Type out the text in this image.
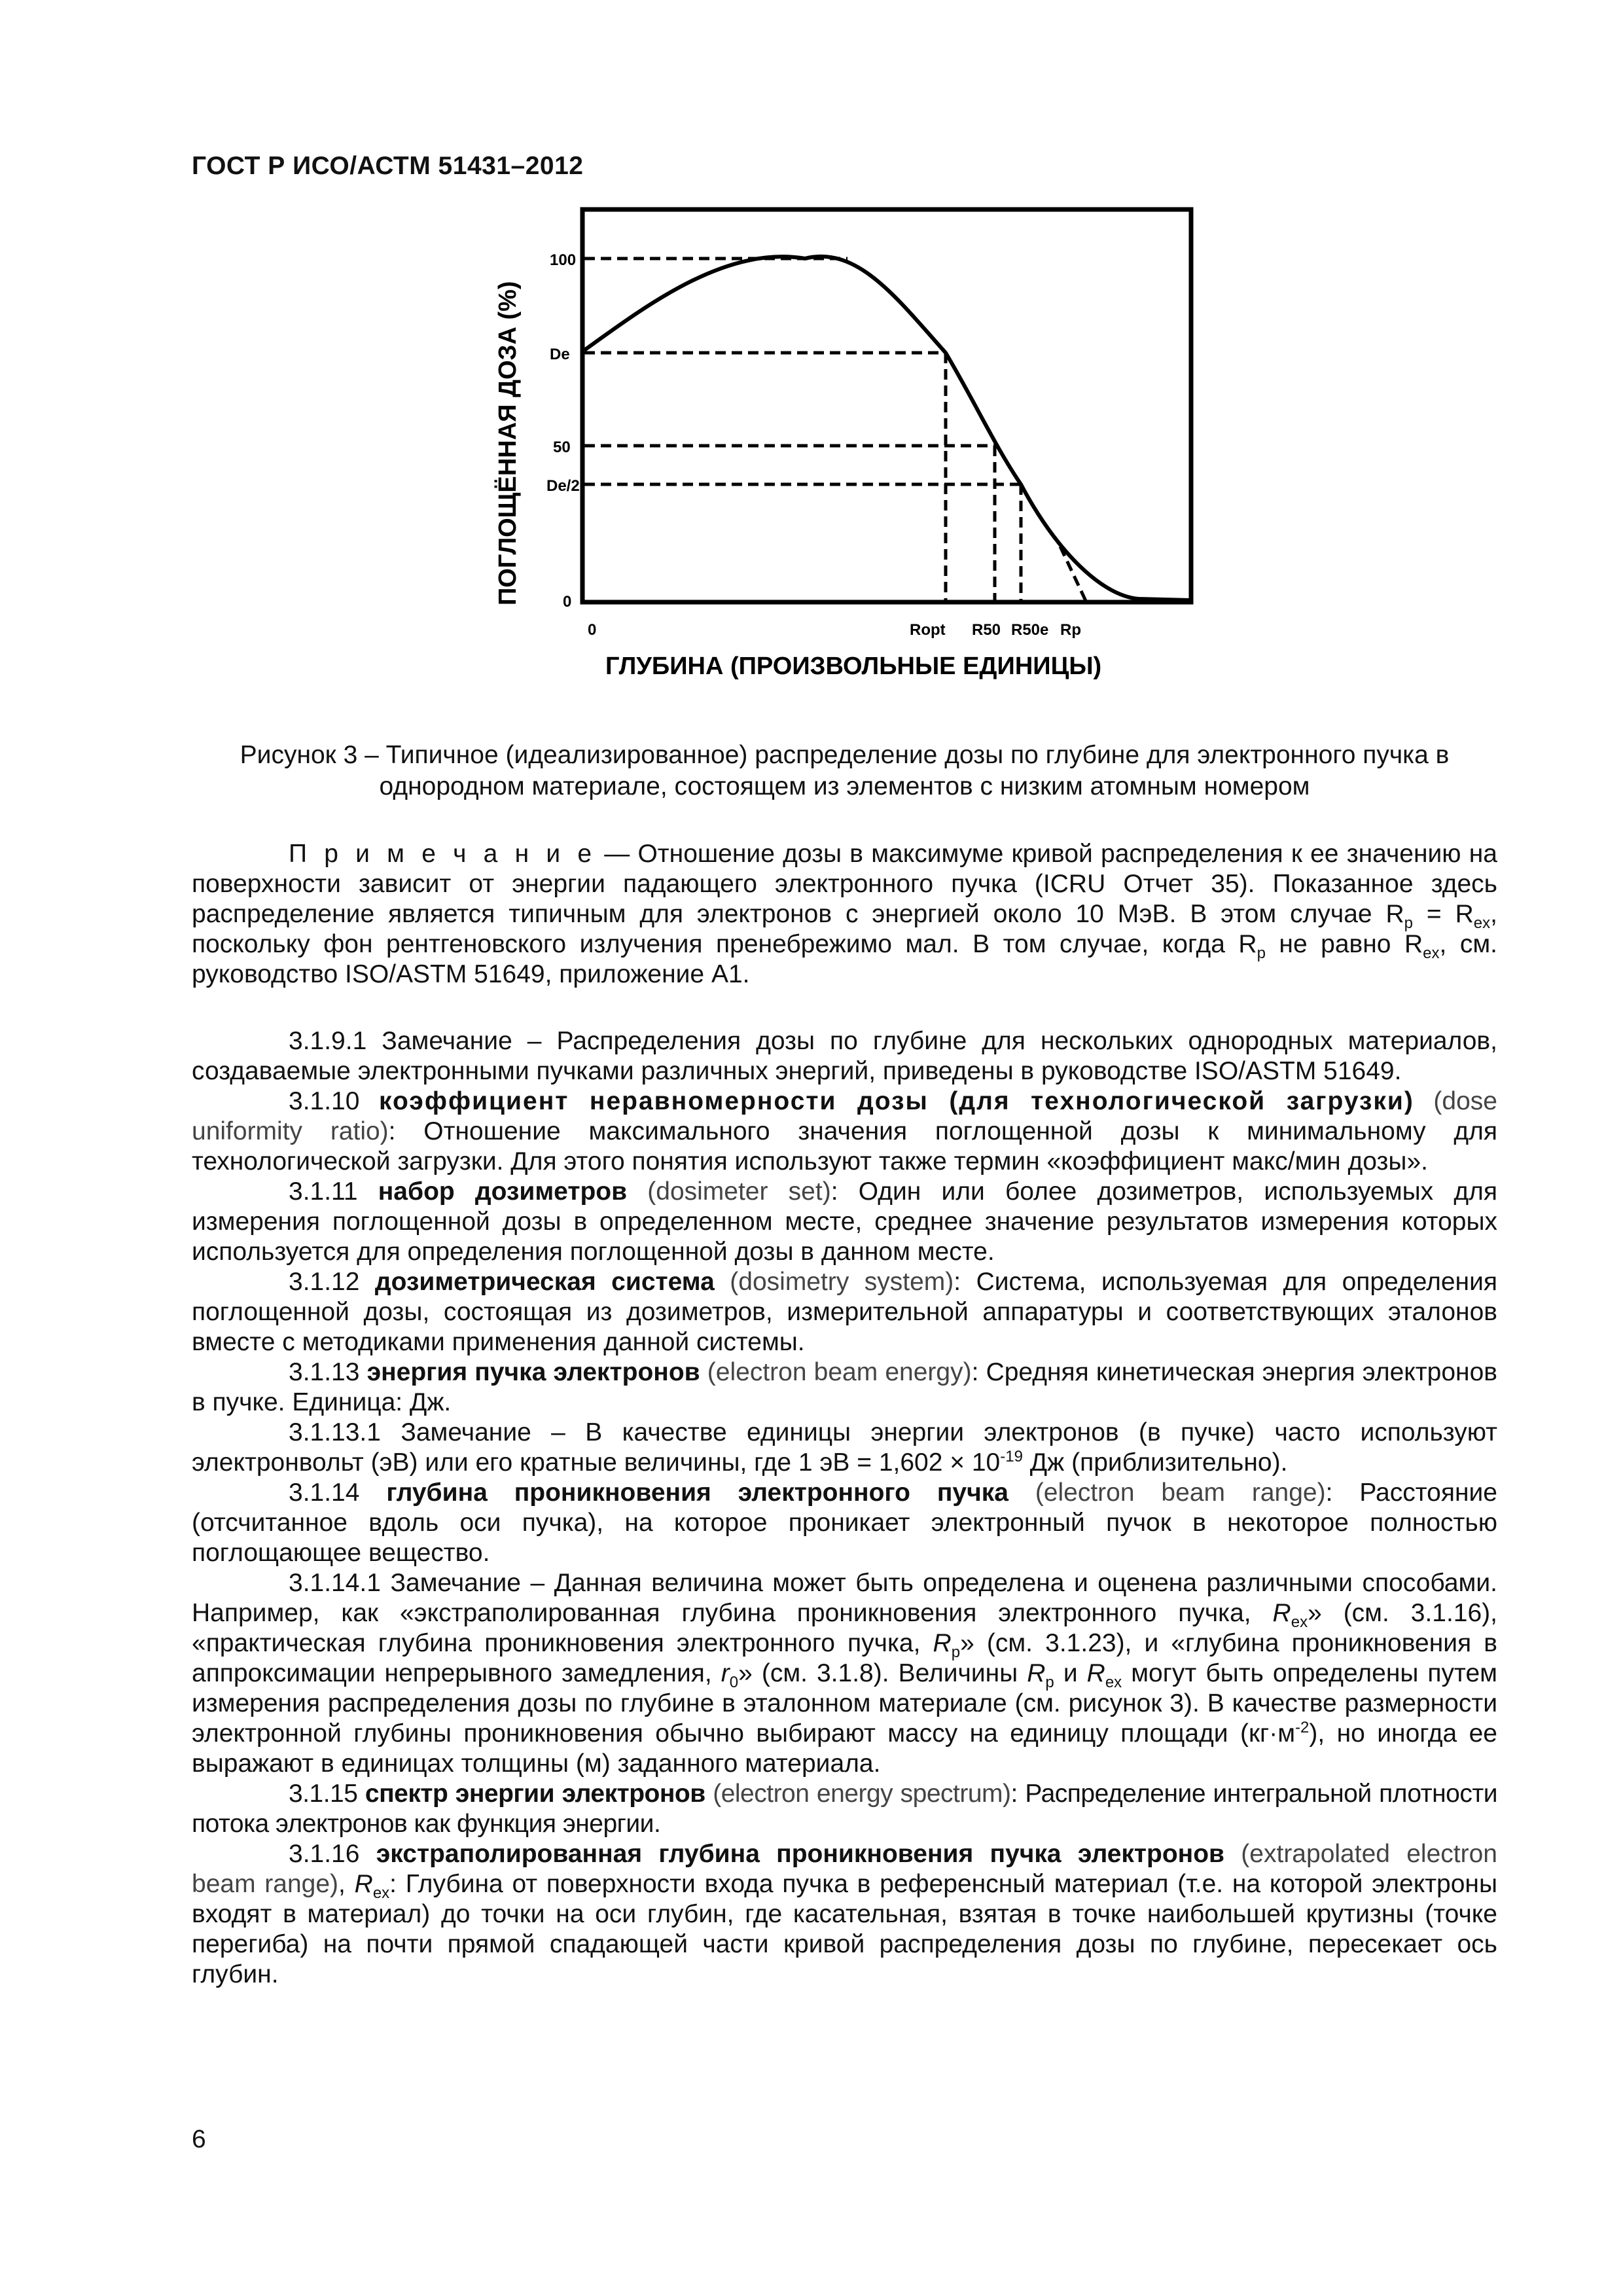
ГОСТ Р ИСО/АСТМ 51431–2012
100
De
50
De/2
0
0	Ropt R50 R50e Rp
ГЛУБИНА (ПРОИЗВОЛЬНЫЕ ЕДИНИЦЫ)
ПОГЛОЩЁННАЯ ДОЗА (%)
Рисунок 3 – Типичное (идеализированное) распределение дозы по глубине для электронного пучка в
однородном материале, состоящем из элементов с низким атомным номером

П р и м е ч а н и е — Отношение дозы в максимуме кривой распределения к ее значению на поверхности зависит от энергии падающего электронного пучка (ICRU Отчет 35). Показанное здесь распределение является типичным для электронов с энергией около 10 МэВ. В этом случае $R_p = R_{ex}$, поскольку фон рентгеновского излучения пренебрежимо мал. В том случае, когда $R_p$ не равно $R_{ex}$, см. руководство ISO/ASTM 51649, приложение A1.

3.1.9.1 Замечание – Распределения дозы по глубине для нескольких однородных материалов, создаваемые электронными пучками различных энергий, приведены в руководстве ISO/ASTM 51649.

3.1.10 коэффициент неравномерности дозы (для технологической загрузки) (dose uniformity ratio): Отношение максимального значения поглощенной дозы к минимальному для технологической загрузки. Для этого понятия используют также термин «коэффициент макс/мин дозы».

3.1.11 набор дозиметров (dosimeter set): Один или более дозиметров, используемых для измерения поглощенной дозы в определенном месте, среднее значение результатов измерения которых используется для определения поглощенной дозы в данном месте.

3.1.12 дозиметрическая система (dosimetry system): Система, используемая для определения поглощенной дозы, состоящая из дозиметров, измерительной аппаратуры и соответствующих эталонов вместе с методиками применения данной системы.

3.1.13 энергия пучка электронов (electron beam energy): Средняя кинетическая энергия электронов в пучке. Единица: Дж.

3.1.13.1 Замечание – В качестве единицы энергии электронов (в пучке) часто используют электронвольт (эВ) или его кратные величины, где 1 эВ = $1,602 \times 10^{-19}$ Дж (приблизительно).

3.1.14 глубина проникновения электронного пучка (electron beam range): Расстояние (отсчитанное вдоль оси пучка), на которое проникает электронный пучок в некоторое полностью поглощающее вещество.

3.1.14.1 Замечание – Данная величина может быть определена и оценена различными способами. Например, как «экстраполированная глубина проникновения электронного пучка, $R_{ex}$» (см. 3.1.16), «практическая глубина проникновения электронного пучка, $R_p$» (см. 3.1.23), и «глубина проникновения в аппроксимации непрерывного замедления, $r_0$» (см. 3.1.8). Величины $R_p$ и $R_{ex}$ могут быть определены путем измерения распределения дозы по глубине в эталонном материале (см. рисунок 3). В качестве размерности электронной глубины проникновения обычно выбирают массу на единицу площади $(кг\cdot м^{-2})$, но иногда ее выражают в единицах толщины (м) заданного материала.

3.1.15 спектр энергии электронов (electron energy spectrum): Распределение интегральной плотности потока электронов как функция энергии.

3.1.16 экстраполированная глубина проникновения пучка электронов (extrapolated electron beam range), $R_{ex}$: Глубина от поверхности входа пучка в референсный материал (т.е. на которой электроны входят в материал) до точки на оси глубин, где касательная, взятая в точке наибольшей крутизны (точке перегиба) на почти прямой спадающей части кривой распределения дозы по глубине, пересекает ось глубин.

6
